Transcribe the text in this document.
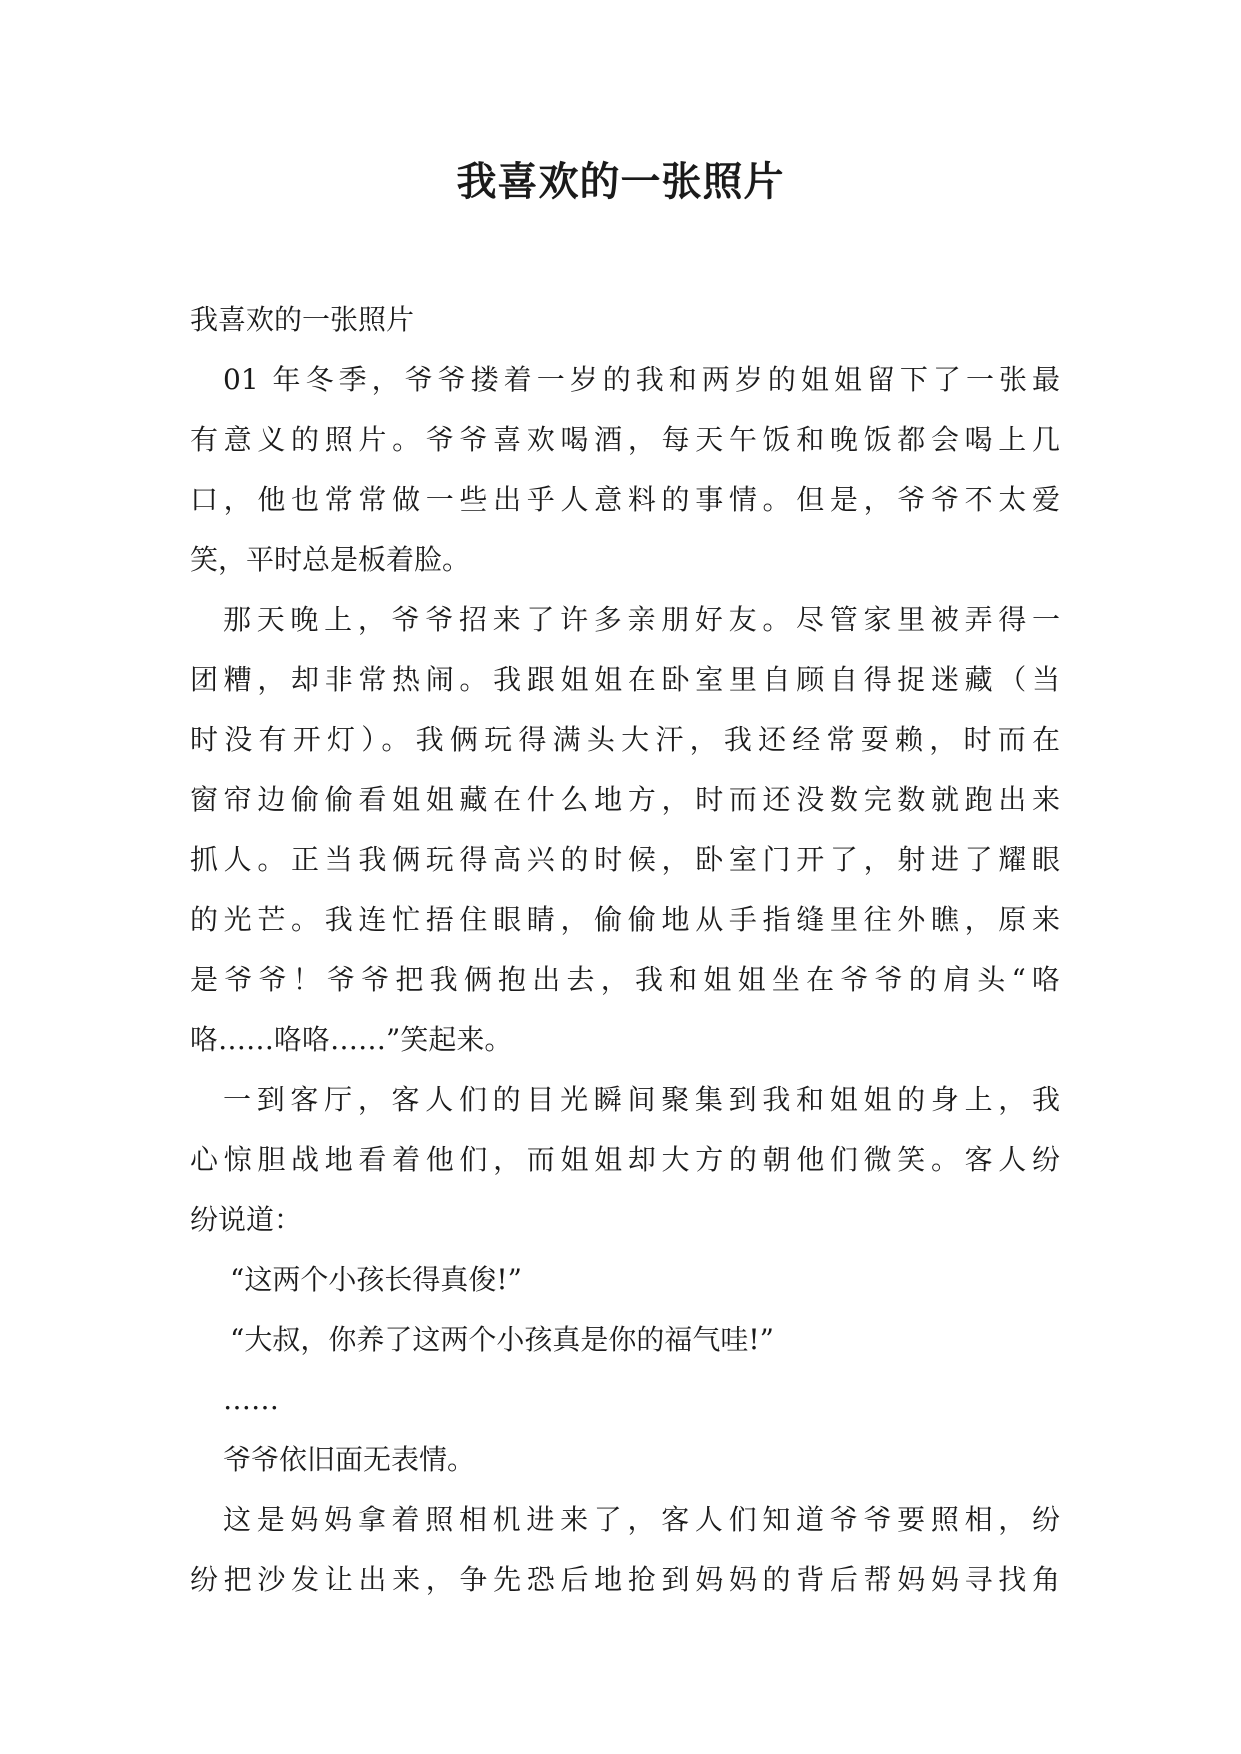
我喜欢的一张照片
我喜欢的一张照片
01 年冬季，爷爷搂着一岁的我和两岁的姐姐留下了一张最
有意义的照片。爷爷喜欢喝酒，每天午饭和晚饭都会喝上几
口，他也常常做一些出乎人意料的事情。但是，爷爷不太爱
笑，平时总是板着脸。
那天晚上，爷爷招来了许多亲朋好友。尽管家里被弄得一
团糟，却非常热闹。我跟姐姐在卧室里自顾自得捉迷藏（当
时没有开灯）。我俩玩得满头大汗，我还经常耍赖，时而在
窗帘边偷偷看姐姐藏在什么地方，时而还没数完数就跑出来
抓人。正当我俩玩得高兴的时候，卧室门开了，射进了耀眼
的光芒。我连忙捂住眼睛，偷偷地从手指缝里往外瞧，原来
是爷爷！爷爷把我俩抱出去，我和姐姐坐在爷爷的肩头“咯
咯……咯咯……”笑起来。
一到客厅，客人们的目光瞬间聚集到我和姐姐的身上，我
心惊胆战地看着他们，而姐姐却大方的朝他们微笑。客人纷
纷说道：
“这两个小孩长得真俊!”
“大叔，你养了这两个小孩真是你的福气哇!”
……
爷爷依旧面无表情。
这是妈妈拿着照相机进来了，客人们知道爷爷要照相，纷
纷把沙发让出来，争先恐后地抢到妈妈的背后帮妈妈寻找角
